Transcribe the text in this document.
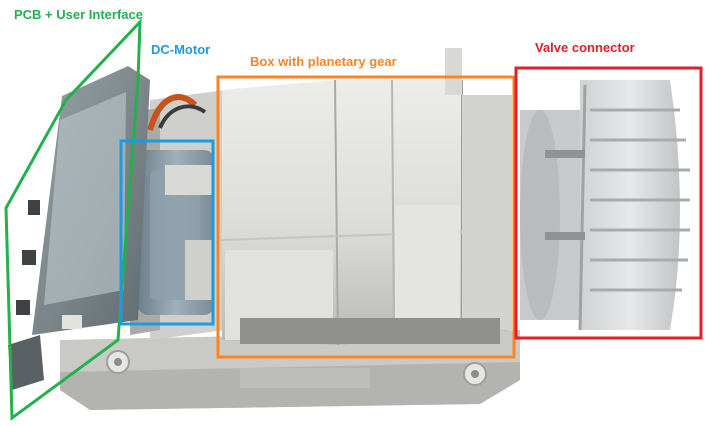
PCB + User Interface
DC-Motor
Box with planetary gear
Valve connector
